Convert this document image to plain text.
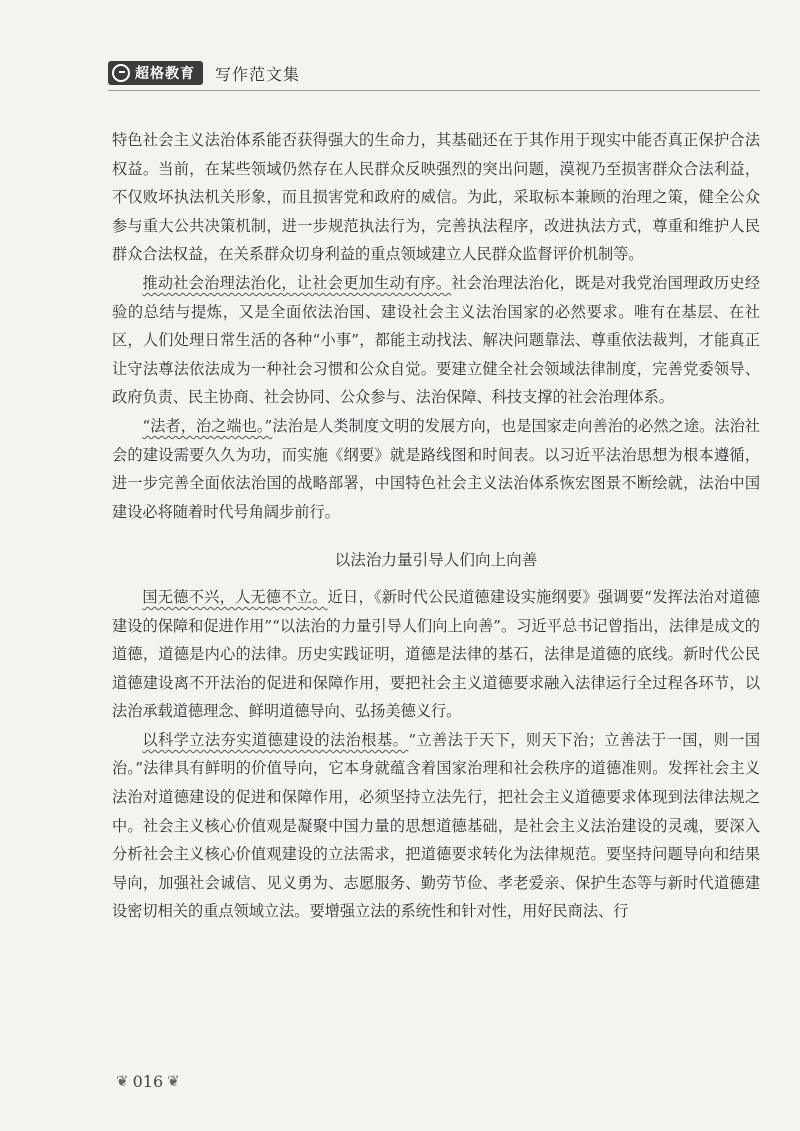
超格教育 写作范文集

特色社会主义法治体系能否获得强大的生命力，其基础还在于其作用于现实中能否真正保护合法权益。当前，在某些领域仍然存在人民群众反映强烈的突出问题，漠视乃至损害群众合法利益，不仅败坏执法机关形象，而且损害党和政府的威信。为此，采取标本兼顾的治理之策，健全公众参与重大公共决策机制，进一步规范执法行为，完善执法程序，改进执法方式，尊重和维护人民群众合法权益，在关系群众切身利益的重点领域建立人民群众监督评价机制等。

推动社会治理法治化，让社会更加生动有序。社会治理法治化，既是对我党治国理政历史经验的总结与提炼，又是全面依法治国、建设社会主义法治国家的必然要求。唯有在基层、在社区，人们处理日常生活的各种“小事”，都能主动找法、解决问题靠法、尊重依法裁判，才能真正让守法尊法依法成为一种社会习惯和公众自觉。要建立健全社会领域法律制度，完善党委领导、政府负责、民主协商、社会协同、公众参与、法治保障、科技支撑的社会治理体系。

“法者，治之端也。”法治是人类制度文明的发展方向，也是国家走向善治的必然之途。法治社会的建设需要久久为功，而实施《纲要》就是路线图和时间表。以习近平法治思想为根本遵循，进一步完善全面依法治国的战略部署，中国特色社会主义法治体系恢宏图景不断绘就，法治中国建设必将随着时代号角阔步前行。

以法治力量引导人们向上向善

国无德不兴，人无德不立。近日，《新时代公民道德建设实施纲要》强调要“发挥法治对道德建设的保障和促进作用”“以法治的力量引导人们向上向善”。习近平总书记曾指出，法律是成文的道德，道德是内心的法律。历史实践证明，道德是法律的基石，法律是道德的底线。新时代公民道德建设离不开法治的促进和保障作用，要把社会主义道德要求融入法律运行全过程各环节，以法治承载道德理念、鲜明道德导向、弘扬美德义行。

以科学立法夯实道德建设的法治根基。“立善法于天下，则天下治；立善法于一国，则一国治。”法律具有鲜明的价值导向，它本身就蕴含着国家治理和社会秩序的道德准则。发挥社会主义法治对道德建设的促进和保障作用，必须坚持立法先行，把社会主义道德要求体现到法律法规之中。社会主义核心价值观是凝聚中国力量的思想道德基础，是社会主义法治建设的灵魂，要深入分析社会主义核心价值观建设的立法需求，把道德要求转化为法律规范。要坚持问题导向和结果导向，加强社会诚信、见义勇为、志愿服务、勤劳节俭、孝老爱亲、保护生态等与新时代道德建设密切相关的重点领域立法。要增强立法的系统性和针对性，用好民商法、行

❦ 016 ❦
